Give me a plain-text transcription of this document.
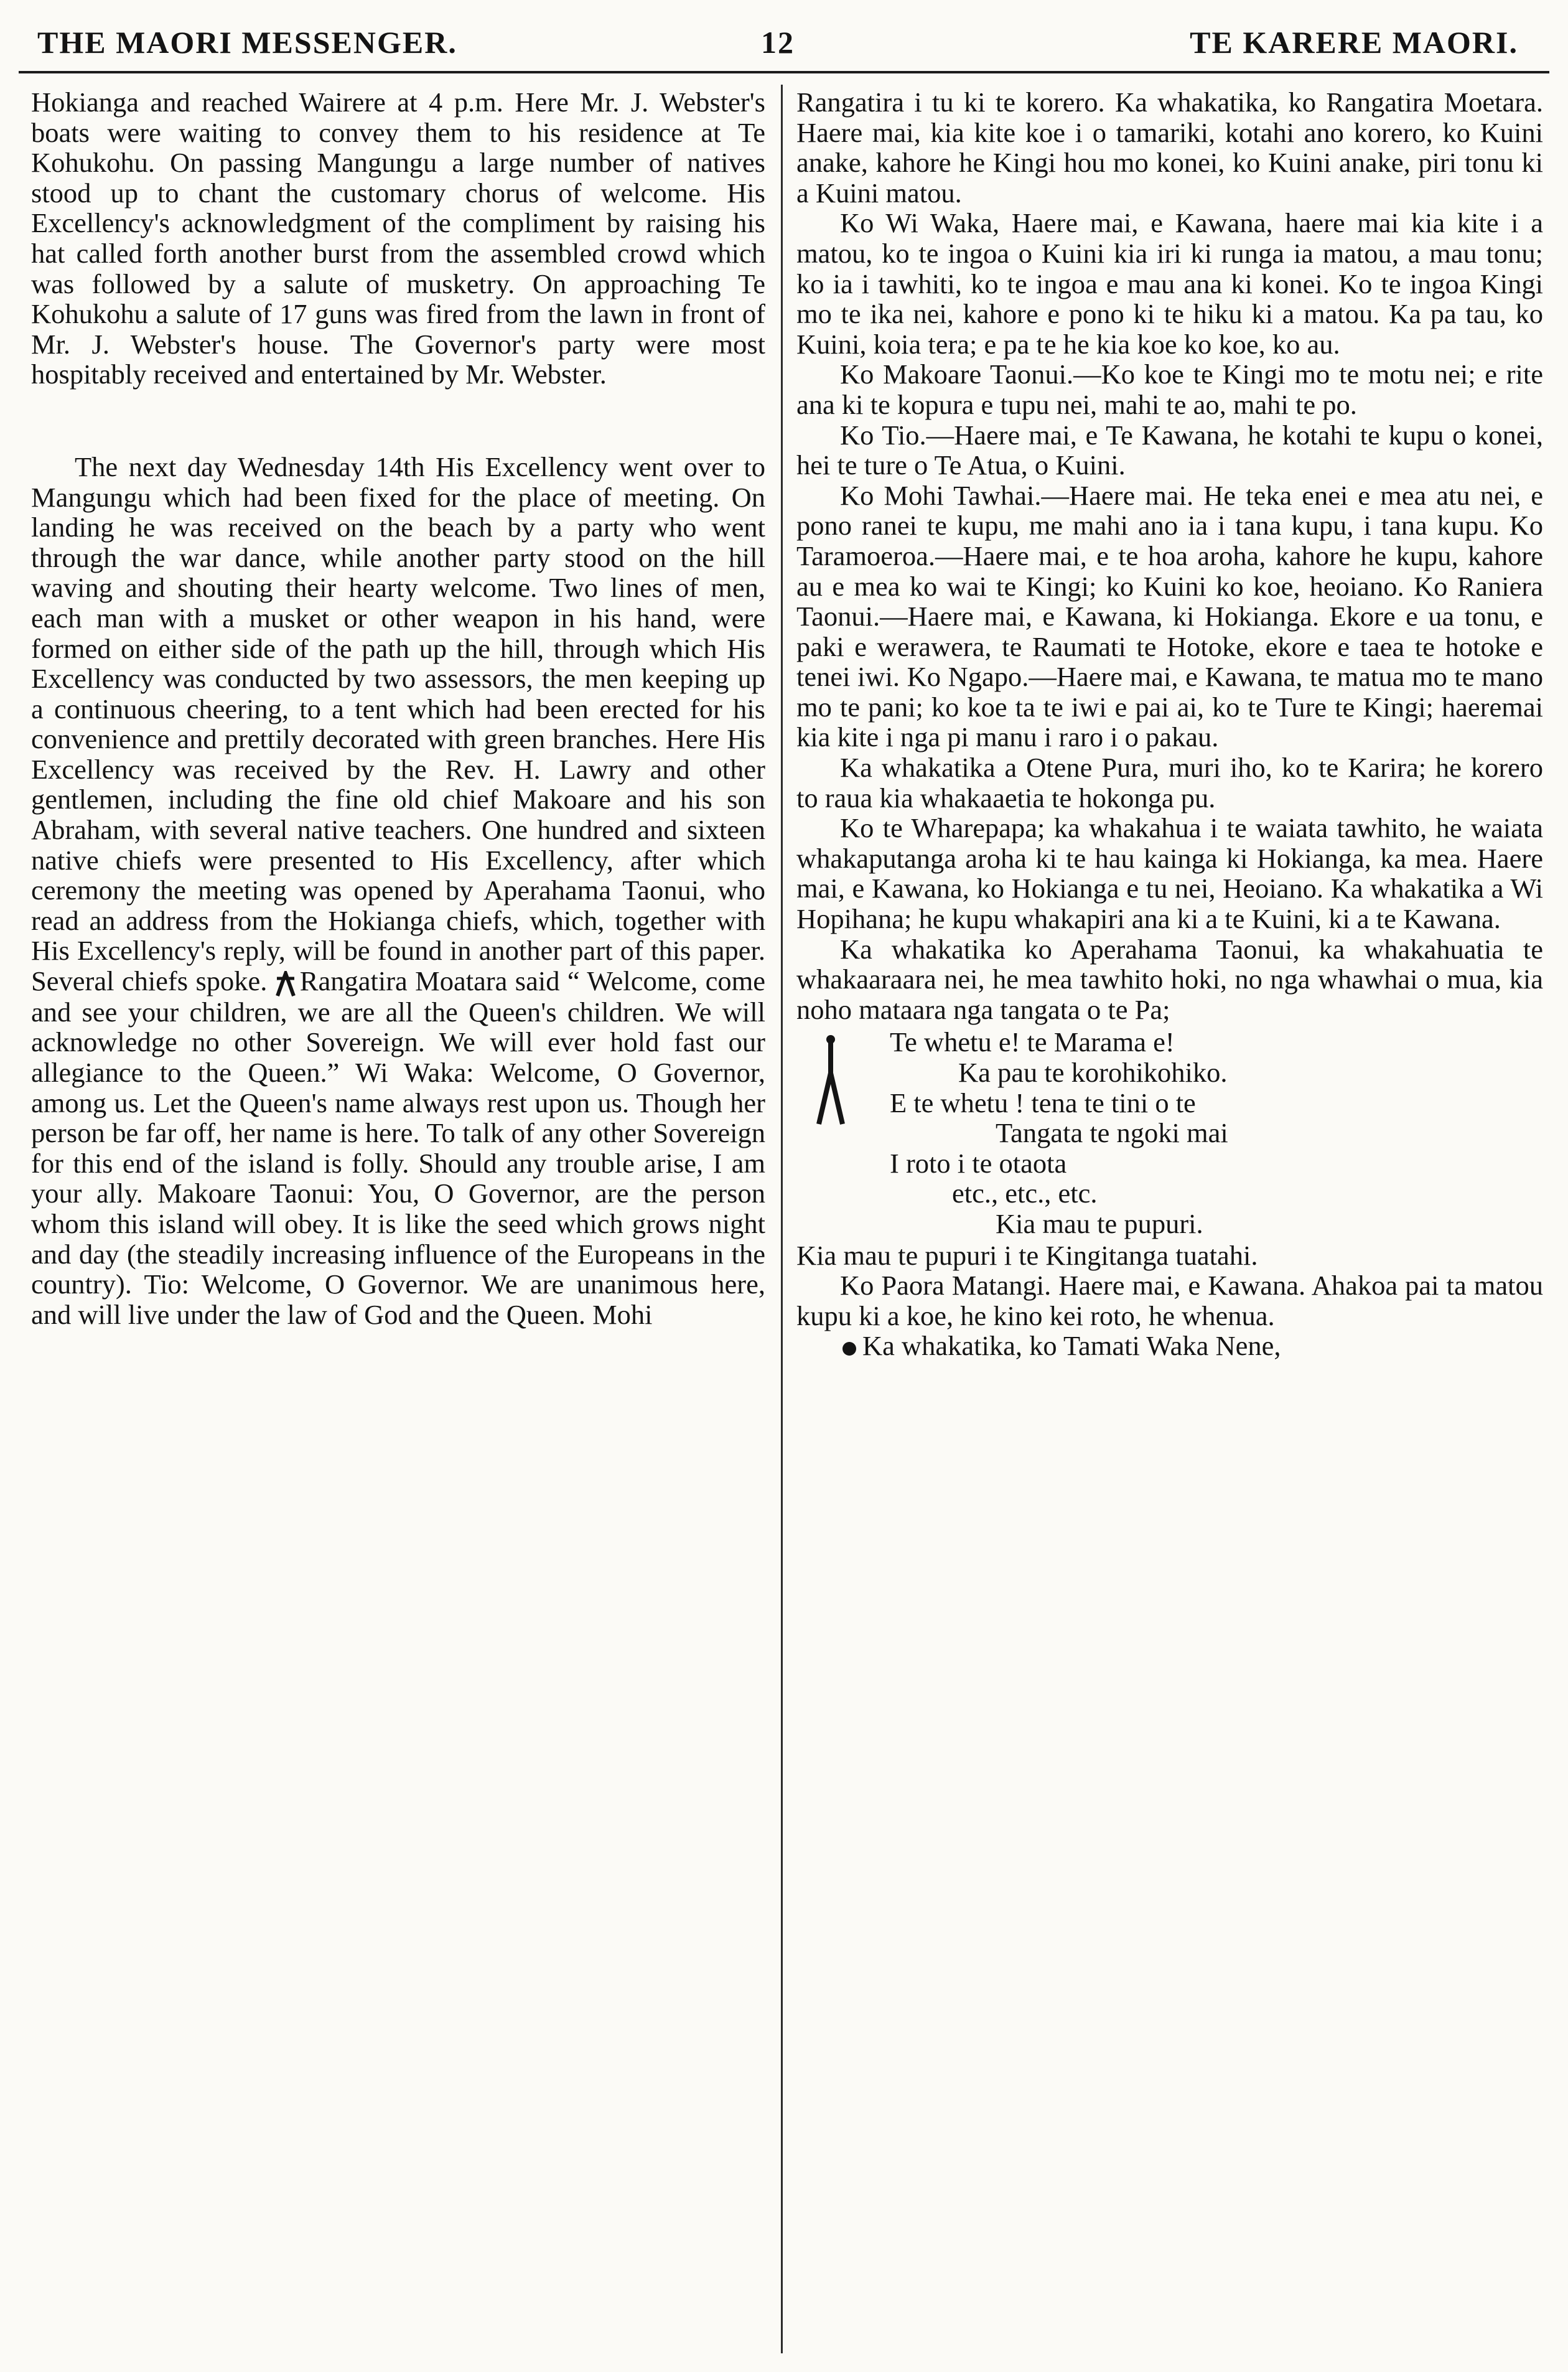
THE MAORI MESSENGER.	12	TE KARERE MAORI.

Hokianga and reached Wairere at 4 p.m. Here Mr. J. Webster's boats were waiting to convey them to his residence at Te Kohukohu. On passing Mangungu a large number of natives stood up to chant the customary chorus of welcome. His Excellency's acknowledgment of the compliment by raising his hat called forth another burst from the assembled crowd which was followed by a salute of musketry. On approaching Te Kohukohu a salute of 17 guns was fired from the lawn in front of Mr. J. Webster's house. The Governor's party were most hospitably received and entertained by Mr. Webster.

The next day Wednesday 14th His Excellency went over to Mangungu which had been fixed for the place of meeting. On landing he was received on the beach by a party who went through the war dance, while another party stood on the hill waving and shouting their hearty welcome. Two lines of men, each man with a musket or other weapon in his hand, were formed on either side of the path up the hill, through which His Excellency was conducted by two assessors, the men keeping up a continuous cheering, to a tent which had been erected for his convenience and prettily decorated with green branches. Here His Excellency was received by the Rev. H. Lawry and other gentlemen, including the fine old chief Makoare and his son Abraham, with several native teachers. One hundred and sixteen native chiefs were presented to His Excellency, after which ceremony the meeting was opened by Aperahama Taonui, who read an address from the Hokianga chiefs, which, together with His Excellency's reply, will be found in another part of this paper. Several chiefs spoke. Rangatira Moatara said “ Welcome, come and see your children, we are all the Queen's children. We will acknowledge no other Sovereign. We will ever hold fast our allegiance to the Queen.” Wi Waka: Welcome, O Governor, among us. Let the Queen's name always rest upon us. Though her person be far off, her name is here. To talk of any other Sovereign for this end of the island is folly. Should any trouble arise, I am your ally. Makoare Taonui: You, O Governor, are the person whom this island will obey. It is like the seed which grows night and day (the steadily increasing influence of the Europeans in the country). Tio: Welcome, O Governor. We are unanimous here, and will live under the law of God and the Queen. Mohi

Rangatira i tu ki te korero. Ka whakatika, ko Rangatira Moetara. Haere mai, kia kite koe i o tamariki, kotahi ano korero, ko Kuini anake, kahore he Kingi hou mo konei, ko Kuini anake, piri tonu ki a Kuini matou.

Ko Wi Waka, Haere mai, e Kawana, haere mai kia kite i a matou, ko te ingoa o Kuini kia iri ki runga ia matou, a mau tonu; ko ia i tawhiti, ko te ingoa e mau ana ki konei. Ko te ingoa Kingi mo te ika nei, kahore e pono ki te hiku ki a matou. Ka pa tau, ko Kuini, koia tera; e pa te he kia koe ko koe, ko au.

Ko Makoare Taonui.—Ko koe te Kingi mo te motu nei; e rite ana ki te kopura e tupu nei, mahi te ao, mahi te po.

Ko Tio.—Haere mai, e Te Kawana, he kotahi te kupu o konei, hei te ture o Te Atua, o Kuini.

Ko Mohi Tawhai.—Haere mai. He teka enei e mea atu nei, e pono ranei te kupu, me mahi ano ia i tana kupu, i tana kupu. Ko Taramoeroa.—Haere mai, e te hoa aroha, kahore he kupu, kahore au e mea ko wai te Kingi; ko Kuini ko koe, heoiano. Ko Raniera Taonui.—Haere mai, e Kawana, ki Hokianga. Ekore e ua tonu, e paki e werawera, te Raumati te Hotoke, ekore e taea te hotoke e tenei iwi. Ko Ngapo.—Haere mai, e Kawana, te matua mo te mano mo te pani; ko koe ta te iwi e pai ai, ko te Ture te Kingi; haeremai kia kite i nga pi manu i raro i o pakau.

Ka whakatika a Otene Pura, muri iho, ko te Karira; he korero to raua kia whakaaetia te hokonga pu.

Ko te Wharepapa; ka whakahua i te waiata tawhito, he waiata whakaputanga aroha ki te hau kainga ki Hokianga, ka mea. Haere mai, e Kawana, ko Hokianga e tu nei, Heoiano. Ka whakatika a Wi Hopihana; he kupu whakapiri ana ki a te Kuini, ki a te Kawana.

Ka whakatika ko Aperahama Taonui, ka whakahuatia te whakaaraara nei, he mea tawhito hoki, no nga whawhai o mua, kia noho mataara nga tangata o te Pa;

Te whetu e! te Marama e!
Ka pau te korohikohiko.
E te whetu ! tena te tini o te
Tangata te ngoki mai
I roto i te otaota
etc., etc., etc.
Kia mau te pupuri.

Kia mau te pupuri i te Kingitanga tuatahi.

Ko Paora Matangi. Haere mai, e Kawana. Ahakoa pai ta matou kupu ki a koe, he kino kei roto, he whenua.

Ka whakatika, ko Tamati Waka Nene,
